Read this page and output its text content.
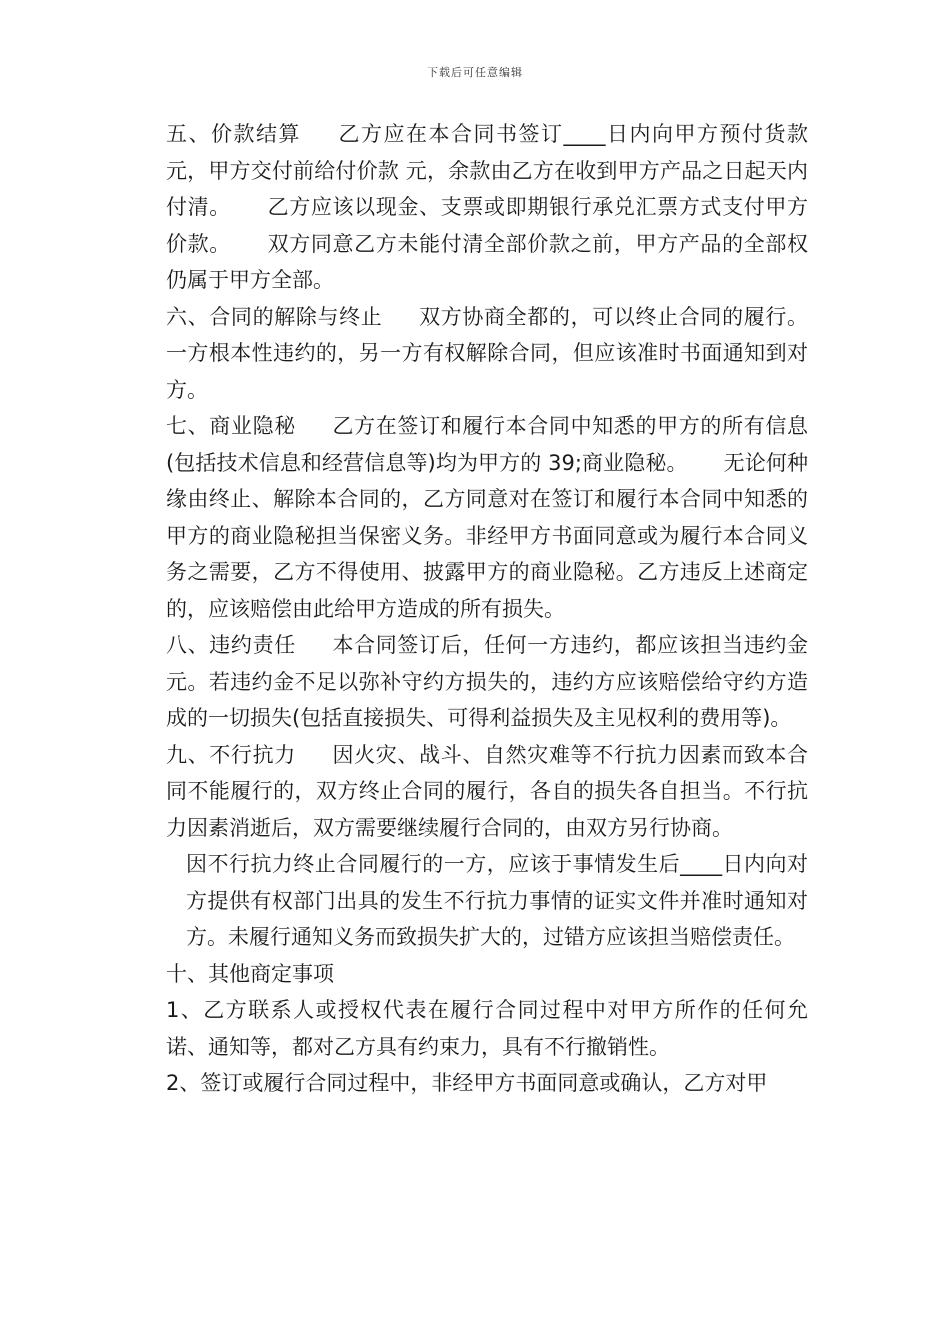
下载后可任意编辑

五、价款结算 乙方应在本合同书签订____日内向甲方预付货款 元，甲方交付前给付价款 元，余款由乙方在收到甲方产品之日起天内付清。 乙方应该以现金、支票或即期银行承兑汇票方式支付甲方价款。 双方同意乙方未能付清全部价款之前，甲方产品的全部权仍属于甲方全部。

六、合同的解除与终止 双方协商全都的，可以终止合同的履行。一方根本性违约的，另一方有权解除合同，但应该准时书面通知到对方。

七、商业隐秘 乙方在签订和履行本合同中知悉的甲方的所有信息(包括技术信息和经营信息等)均为甲方的 39;商业隐秘。 无论何种缘由终止、解除本合同的，乙方同意对在签订和履行本合同中知悉的甲方的商业隐秘担当保密义务。非经甲方书面同意或为履行本合同义务之需要，乙方不得使用、披露甲方的商业隐秘。乙方违反上述商定的，应该赔偿由此给甲方造成的所有损失。

八、违约责任 本合同签订后，任何一方违约，都应该担当违约金 元。若违约金不足以弥补守约方损失的，违约方应该赔偿给守约方造成的一切损失(包括直接损失、可得利益损失及主见权利的费用等)。

九、不行抗力 因火灾、战斗、自然灾难等不行抗力因素而致本合同不能履行的，双方终止合同的履行，各自的损失各自担当。不行抗力因素消逝后，双方需要继续履行合同的，由双方另行协商。

因不行抗力终止合同履行的一方，应该于事情发生后____日内向对方提供有权部门出具的发生不行抗力事情的证实文件并准时通知对方。未履行通知义务而致损失扩大的，过错方应该担当赔偿责任。

十、其他商定事项

1、乙方联系人或授权代表在履行合同过程中对甲方所作的任何允诺、通知等，都对乙方具有约束力，具有不行撤销性。

2、签订或履行合同过程中，非经甲方书面同意或确认，乙方对甲
